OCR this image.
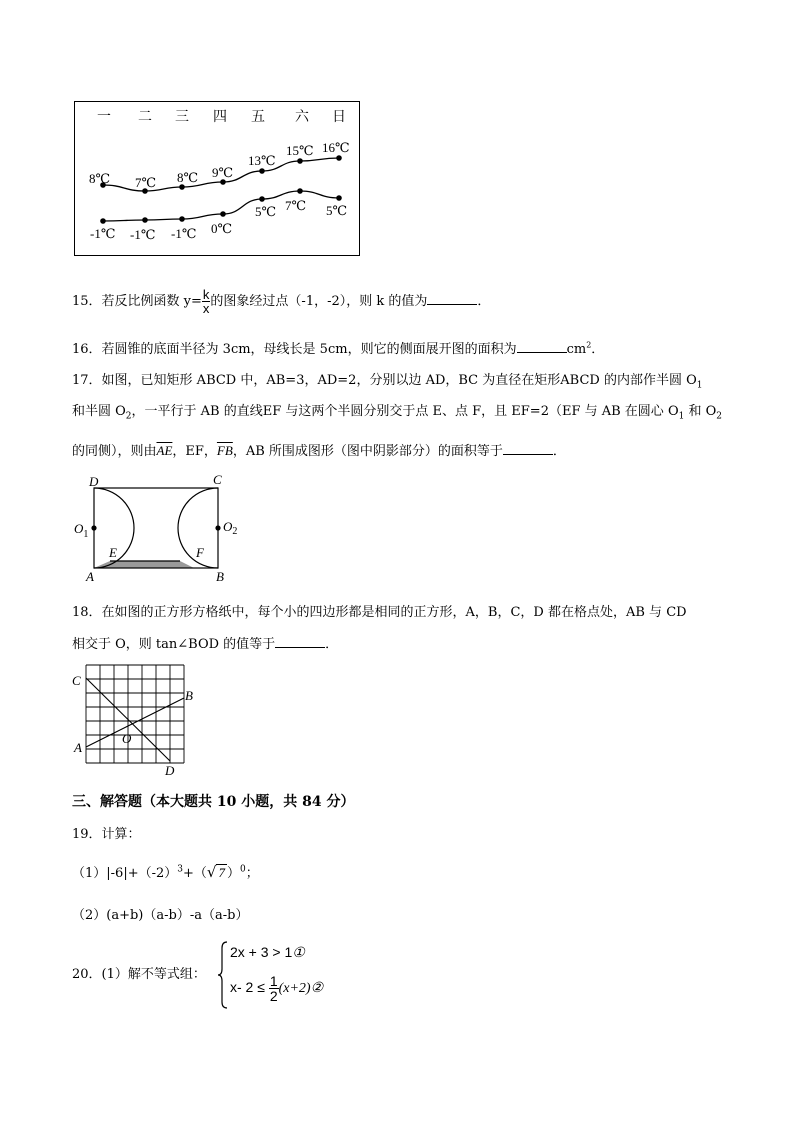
一 二 三 四 五 六 日
8℃ 7℃ 8℃ 9℃
13℃
15℃ 16℃
-1℃ -1℃ -1℃ 0℃
5℃ 7℃ 5℃
15．若反比例函数 $y= \frac{k}{x}$ 的图象经过点（-1，-2），则 k 的值为	．
16．若圆锥的底面半径为 3cm，母线长是 5cm，则它的侧面展开图的面积为	$cm^2$．
17．如图，已知矩形 ABCD 中，AB=3，AD=2，分别以边 AD，BC 为直径在矩形ABCD 的内部作半圆 $O_1$
和半圆 $O_2$，一平行于 AB 的直线EF 与这两个半圆分别交于点 E、点 F，且 EF=2（EF 与 AB 在圆心 $O_1$ 和 $O_2$
的同侧），则由$\overline{AE}$，EF，$\overline{FB}$，AB 所围成图形（图中阴影部分）的面积等于	．
D	C
$O_1$
$O_2$
E	F
A	B
18．在如图的正方形方格纸中，每个小的四边形都是相同的正方形，A，B，C，D 都在格点处，AB 与 CD
相交于 O，则 tan∠BOD 的值等于	．
C
B
O
A
D
三、解答题（本大题共 10 小题，共 84 分）
19．计算：
$(1)|-6|+(-2)^3+(√$ 7 ）$^0$；
（2）(a+b)（a-b）-a（a-b）
20．(1）解不等式组：
2x + 3 > 1①
x- $2 \le \frac{1}{2}$ (x+2)②
